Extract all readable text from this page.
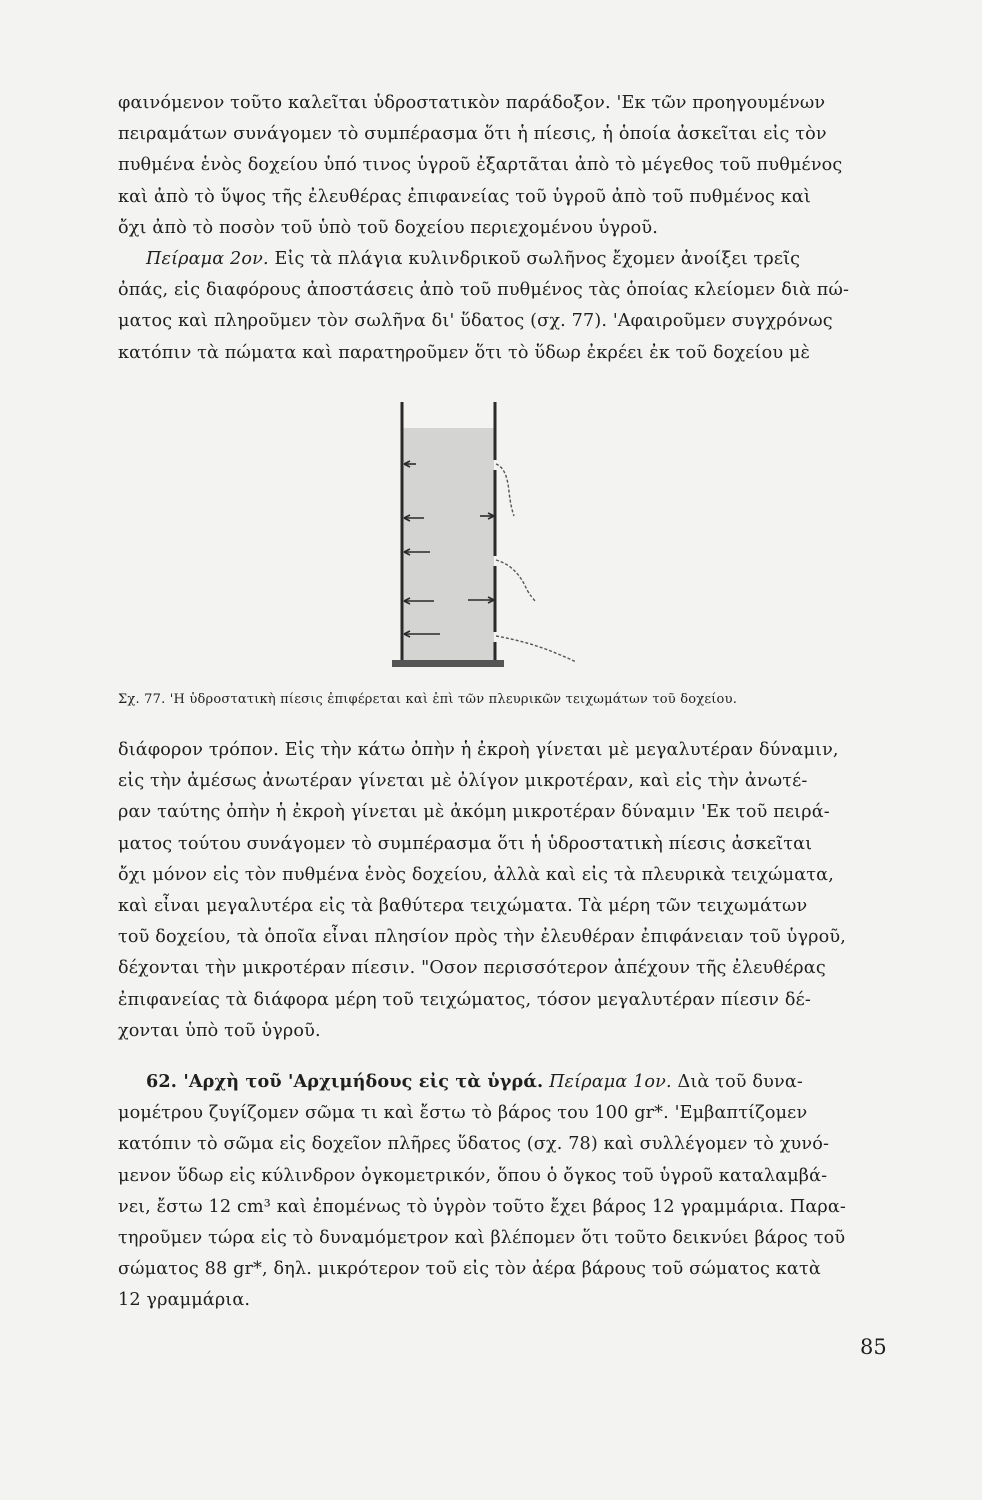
φαινόμενον τοῦτο καλεῖται ὑδροστατικὸν παράδοξον. 'Εκ τῶν προηγουμένων

πειραμάτων συνάγομεν τὸ συμπέρασμα ὅτι ἡ πίεσις, ἡ ὁποία ἀσκεῖται εἰς τὸν

πυθμένα ἑνὸς δοχείου ὑπό τινος ὑγροῦ ἐξαρτᾶται ἀπὸ τὸ μέγεθος τοῦ πυθμένος

καὶ ἀπὸ τὸ ὕψος τῆς ἐλευθέρας ἐπιφανείας τοῦ ὑγροῦ ἀπὸ τοῦ πυθμένος καὶ

ὄχι ἀπὸ τὸ ποσὸν τοῦ ὑπὸ τοῦ δοχείου περιεχομένου ὑγροῦ.

Πείραμα 2ον. Εἰς τὰ πλάγια κυλινδρικοῦ σωλῆνος ἔχομεν ἀνοίξει τρεῖς

ὀπάς, εἰς διαφόρους ἀποστάσεις ἀπὸ τοῦ πυθμένος τὰς ὁποίας κλείομεν διὰ πώ-

ματος καὶ πληροῦμεν τὸν σωλῆνα δι' ὕδατος (σχ. 77). 'Αφαιροῦμεν συγχρόνως

κατόπιν τὰ πώματα καὶ παρατηροῦμεν ὅτι τὸ ὕδωρ ἐκρέει ἐκ τοῦ δοχείου μὲ

Σχ. 77. 'Η ὑδροστατικὴ πίεσις ἐπιφέρεται καὶ ἐπὶ τῶν πλευρικῶν τειχωμάτων τοῦ δοχείου.

διάφορον τρόπον. Εἰς τὴν κάτω ὀπὴν ἡ ἐκροὴ γίνεται μὲ μεγαλυτέραν δύναμιν,

εἰς τὴν ἀμέσως ἀνωτέραν γίνεται μὲ ὀλίγον μικροτέραν, καὶ εἰς τὴν ἀνωτέ-

ραν ταύτης ὀπὴν ἡ ἐκροὴ γίνεται μὲ ἀκόμη μικροτέραν δύναμιν 'Εκ τοῦ πειρά-

ματος τούτου συνάγομεν τὸ συμπέρασμα ὅτι ἡ ὑδροστατικὴ πίεσις ἀσκεῖται

ὄχι μόνον εἰς τὸν πυθμένα ἑνὸς δοχείου, ἀλλὰ καὶ εἰς τὰ πλευρικὰ τειχώματα,

καὶ εἶναι μεγαλυτέρα εἰς τὰ βαθύτερα τειχώματα. Τὰ μέρη τῶν τειχωμάτων

τοῦ δοχείου, τὰ ὁποῖα εἶναι πλησίον πρὸς τὴν ἐλευθέραν ἐπιφάνειαν τοῦ ὑγροῦ,

δέχονται τὴν μικροτέραν πίεσιν. "Οσον περισσότερον ἀπέχουν τῆς ἐλευθέρας

ἐπιφανείας τὰ διάφορα μέρη τοῦ τειχώματος, τόσον μεγαλυτέραν πίεσιν δέ-

χονται ὑπὸ τοῦ ὑγροῦ.

62. 'Αρχὴ τοῦ 'Αρχιμήδους εἰς τὰ ὑγρά. Πείραμα 1ον. Διὰ τοῦ δυνα-

μομέτρου ζυγίζομεν σῶμα τι καὶ ἔστω τὸ βάρος του 100 gr*. 'Εμβαπτίζομεν

κατόπιν τὸ σῶμα εἰς δοχεῖον πλῆρες ὕδατος (σχ. 78) καὶ συλλέγομεν τὸ χυνό-

μενον ὕδωρ εἰς κύλινδρον ὀγκομετρικόν, ὅπου ὁ ὄγκος τοῦ ὑγροῦ καταλαμβά-

νει, ἔστω 12 cm³ καὶ ἐπομένως τὸ ὑγρὸν τοῦτο ἔχει βάρος 12 γραμμάρια. Παρα-

τηροῦμεν τώρα εἰς τὸ δυναμόμετρον καὶ βλέπομεν ὅτι τοῦτο δεικνύει βάρος τοῦ

σώματος 88 gr*, δηλ. μικρότερον τοῦ εἰς τὸν ἀέρα βάρους τοῦ σώματος κατὰ

12 γραμμάρια.

85
